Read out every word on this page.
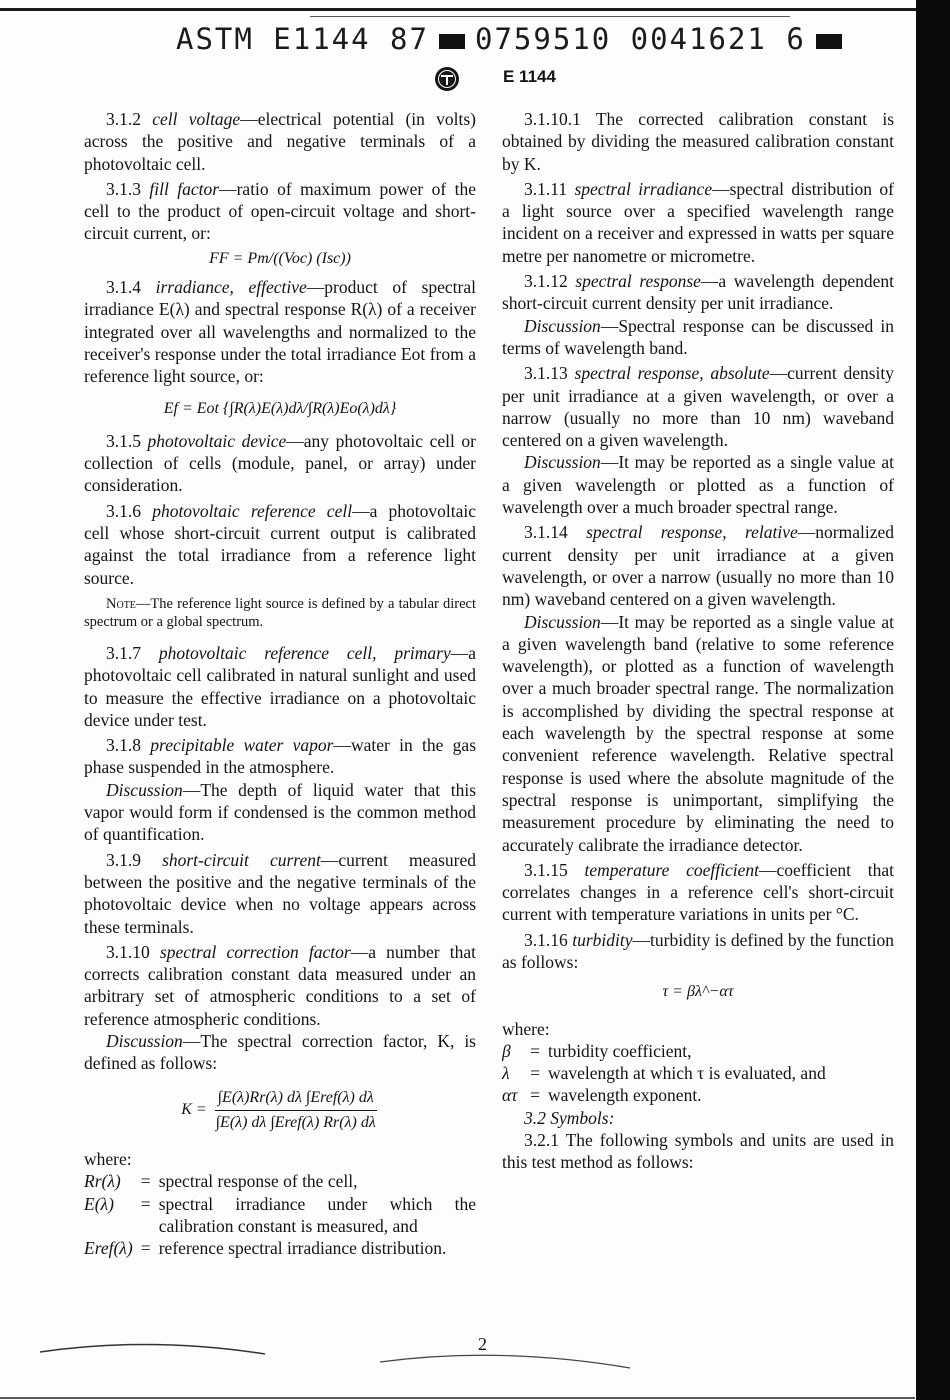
ASTM E1144 87 0759510 0041621 6
E 1144

3.1.2 cell voltage—electrical potential (in volts) across the positive and negative terminals of a photovoltaic cell.

3.1.3 fill factor—ratio of maximum power of the cell to the product of open-circuit voltage and short-circuit current, or:

FF = Pm/((Voc) (Isc))

3.1.4 irradiance, effective—product of spectral irradiance E(λ) and spectral response R(λ) of a receiver integrated over all wavelengths and normalized to the receiver's response under the total irradiance Eot from a reference light source, or:

Ef = Eot {∫R(λ)E(λ)dλ/∫R(λ)Eo(λ)dλ}

3.1.5 photovoltaic device—any photovoltaic cell or collection of cells (module, panel, or array) under consideration.

3.1.6 photovoltaic reference cell—a photovoltaic cell whose short-circuit current output is calibrated against the total irradiance from a reference light source.

Note—The reference light source is defined by a tabular direct spectrum or a global spectrum.

3.1.7 photovoltaic reference cell, primary—a photovoltaic cell calibrated in natural sunlight and used to measure the effective irradiance on a photovoltaic device under test.

3.1.8 precipitable water vapor—water in the gas phase suspended in the atmosphere.

Discussion—The depth of liquid water that this vapor would form if condensed is the common method of quantification.

3.1.9 short-circuit current—current measured between the positive and the negative terminals of the photovoltaic device when no voltage appears across these terminals.

3.1.10 spectral correction factor—a number that corrects calibration constant data measured under an arbitrary set of atmospheric conditions to a set of reference atmospheric conditions.

Discussion—The spectral correction factor, K, is defined as follows:

$K = \frac{\text{∫E(λ)Rr(λ) dλ ∫Eref(λ) dλ}}{\text{∫E(λ) dλ ∫Eref(λ) Rr(λ) dλ}}$

where:

Rr(λ)	=	spectral response of the cell,
E(λ)	=	spectral irradiance under which the calibration constant is measured, and
Eref(λ)	=	reference spectral irradiance distribution.

3.1.10.1 The corrected calibration constant is obtained by dividing the measured calibration constant by K.

3.1.11 spectral irradiance—spectral distribution of a light source over a specified wavelength range incident on a receiver and expressed in watts per square metre per nanometre or micrometre.

3.1.12 spectral response—a wavelength dependent short-circuit current density per unit irradiance.

Discussion—Spectral response can be discussed in terms of wavelength band.

3.1.13 spectral response, absolute—current density per unit irradiance at a given wavelength, or over a narrow (usually no more than 10 nm) waveband centered on a given wavelength.

Discussion—It may be reported as a single value at a given wavelength or plotted as a function of wavelength over a much broader spectral range.

3.1.14 spectral response, relative—normalized current density per unit irradiance at a given wavelength, or over a narrow (usually no more than 10 nm) waveband centered on a given wavelength.

Discussion—It may be reported as a single value at a given wavelength band (relative to some reference wavelength), or plotted as a function of wavelength over a much broader spectral range. The normalization is accomplished by dividing the spectral response at each wavelength by the spectral response at some convenient reference wavelength. Relative spectral response is used where the absolute magnitude of the spectral response is unimportant, simplifying the measurement procedure by eliminating the need to accurately calibrate the irradiance detector.

3.1.15 temperature coefficient—coefficient that correlates changes in a reference cell's short-circuit current with temperature variations in units per °C.

3.1.16 turbidity—turbidity is defined by the function as follows:

τ = βλ^−ατ

where:

β	=	turbidity coefficient,
λ	=	wavelength at which τ is evaluated, and
ατ	=	wavelength exponent.

3.2 Symbols:

3.2.1 The following symbols and units are used in this test method as follows:

2
